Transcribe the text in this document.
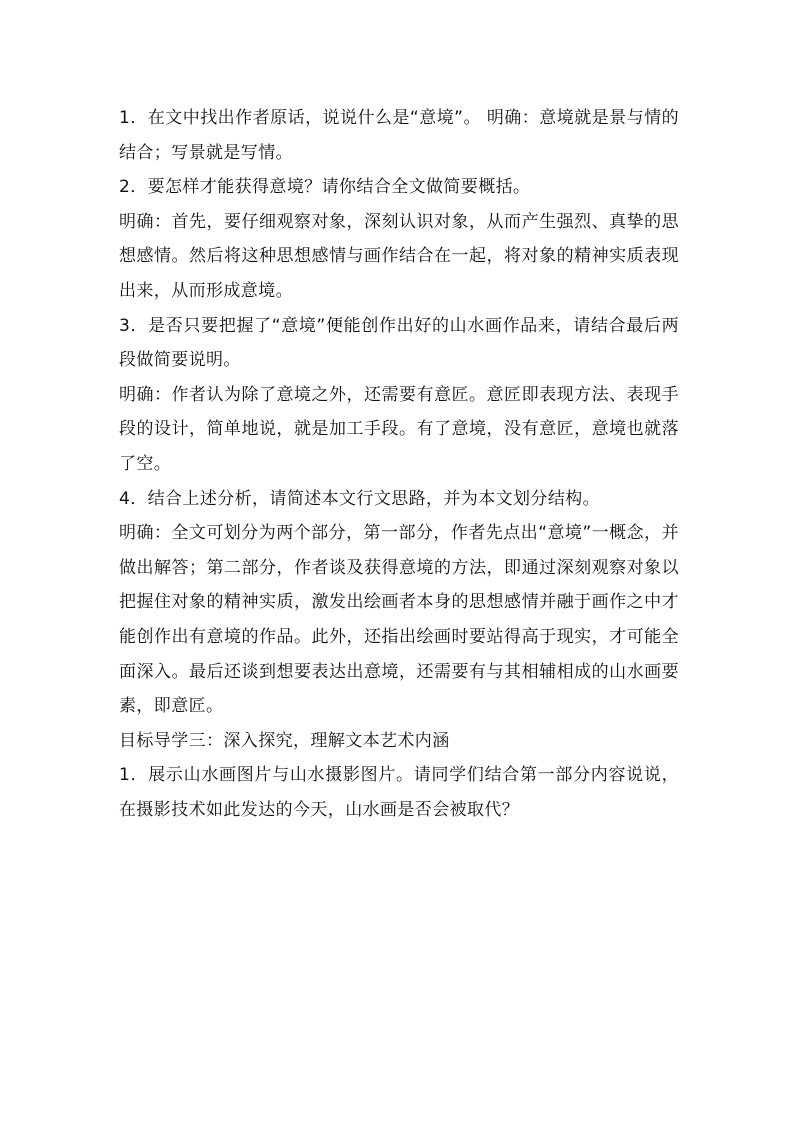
1．在文中找出作者原话，说说什么是“意境”。 明确：意境就是景与情的结合；写景就是写情。

2．要怎样才能获得意境？请你结合全文做简要概括。

明确：首先，要仔细观察对象，深刻认识对象，从而产生强烈、真挚的思想感情。然后将这种思想感情与画作结合在一起，将对象的精神实质表现出来，从而形成意境。

3．是否只要把握了“意境”便能创作出好的山水画作品来，请结合最后两段做简要说明。

明确：作者认为除了意境之外，还需要有意匠。意匠即表现方法、表现手段的设计，简单地说，就是加工手段。有了意境，没有意匠，意境也就落了空。

4．结合上述分析，请简述本文行文思路，并为本文划分结构。

明确：全文可划分为两个部分，第一部分，作者先点出“意境”一概念，并做出解答；第二部分，作者谈及获得意境的方法，即通过深刻观察对象以把握住对象的精神实质，激发出绘画者本身的思想感情并融于画作之中才能创作出有意境的作品。此外，还指出绘画时要站得高于现实，才可能全面深入。最后还谈到想要表达出意境，还需要有与其相辅相成的山水画要素，即意匠。

目标导学三：深入探究，理解文本艺术内涵

1．展示山水画图片与山水摄影图片。请同学们结合第一部分内容说说，在摄影技术如此发达的今天，山水画是否会被取代？
